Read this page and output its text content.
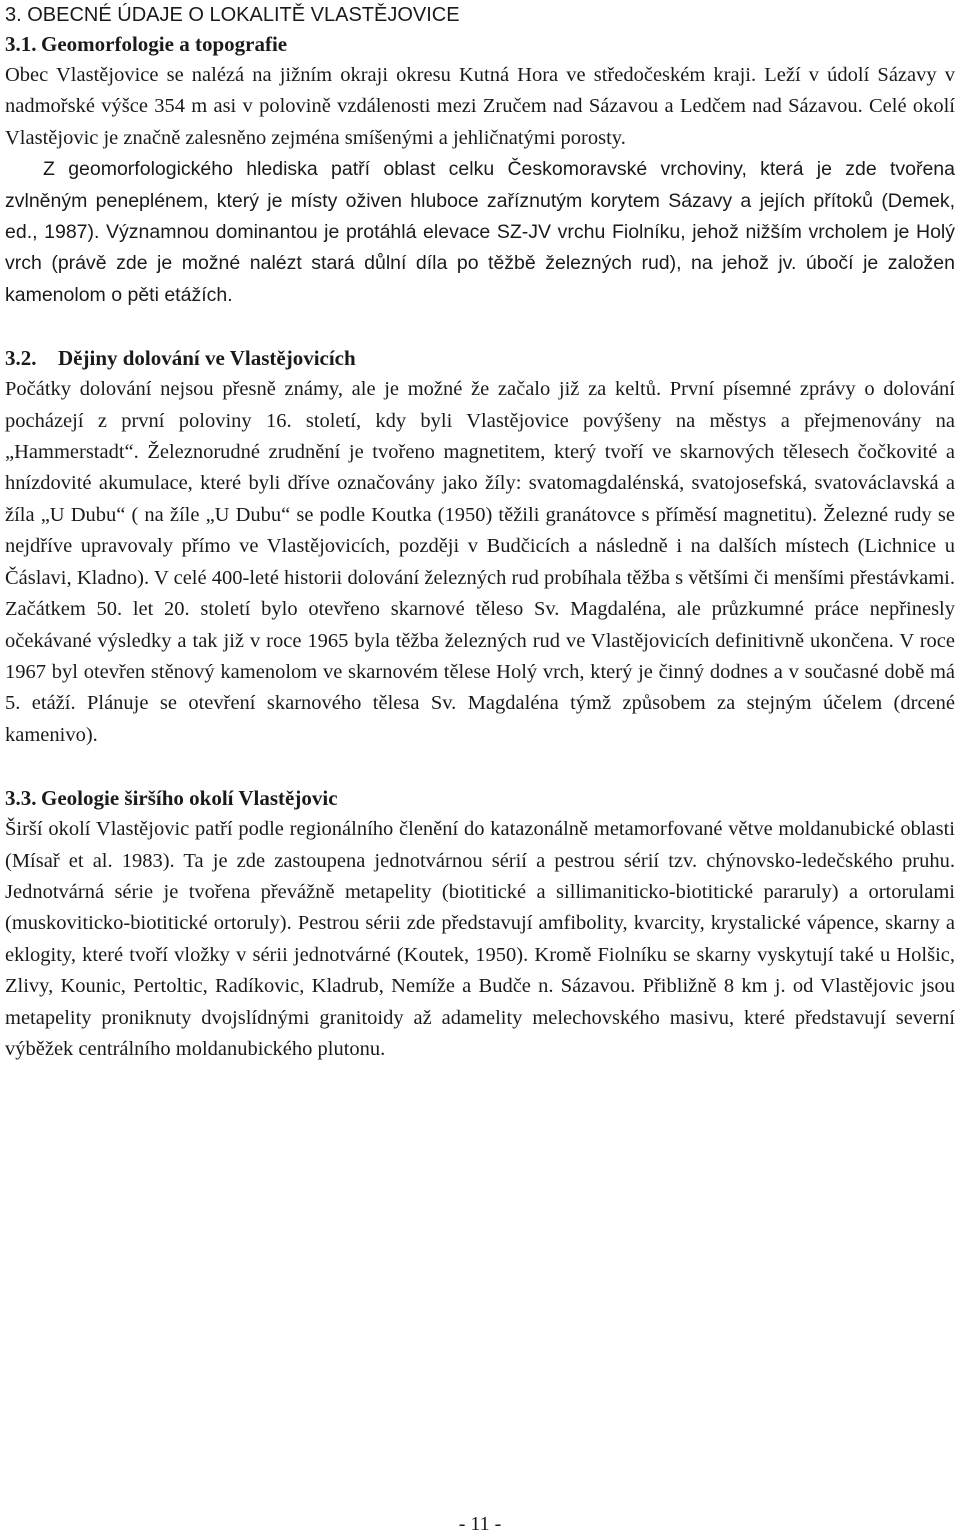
3. OBECNÉ ÚDAJE O LOKALITĚ VLASTĚJOVICE
3.1. Geomorfologie a topografie

Obec Vlastějovice se nalézá na jižním okraji okresu Kutná Hora ve středočeském kraji. Leží v údolí Sázavy v nadmořské výšce 354 m asi v polovině vzdálenosti mezi Zručem nad Sázavou a Ledčem nad Sázavou. Celé okolí Vlastějovic je značně zalesněno zejména smíšenými a jehličnatými porosty.

Z geomorfologického hlediska patří oblast celku Českomoravské vrchoviny, která je zde tvořena zvlněným peneplénem, který je místy oživen hluboce zaříznutým korytem Sázavy a jejích přítoků (Demek, ed., 1987). Významnou dominantou je protáhlá elevace SZ-JV vrchu Fiolníku, jehož nižším vrcholem je Holý vrch (právě zde je možné nalézt stará důlní díla po těžbě železných rud), na jehož jv. úbočí je založen kamenolom o pěti etážích.

3.2. Dějiny dolování ve Vlastějovicích

Počátky dolování nejsou přesně známy, ale je možné že začalo již za keltů. První písemné zprávy o dolování pocházejí z první poloviny 16. století, kdy byli Vlastějovice povýšeny na městys a přejmenovány na „Hammerstadt“. Železnorudné zrudnění je tvořeno magnetitem, který tvoří ve skarnových tělesech čočkovité a hnízdovité akumulace, které byli dříve označovány jako žíly: svatomagdalénská, svatojosefská, svatováclavská a žíla „U Dubu“ ( na žíle „U Dubu“ se podle Koutka (1950) těžili granátovce s příměsí magnetitu). Železné rudy se nejdříve upravovaly přímo ve Vlastějovicích, později v Budčicích a následně i na dalších místech (Lichnice u Čáslavi, Kladno). V celé 400-leté historii dolování železných rud probíhala těžba s většími či menšími přestávkami. Začátkem 50. let 20. století bylo otevřeno skarnové těleso Sv. Magdaléna, ale průzkumné práce nepřinesly očekávané výsledky a tak již v roce 1965 byla těžba železných rud ve Vlastějovicích definitivně ukončena. V roce 1967 byl otevřen stěnový kamenolom ve skarnovém tělese Holý vrch, který je činný dodnes a v současné době má 5. etáží. Plánuje se otevření skarnového tělesa Sv. Magdaléna týmž způsobem za stejným účelem (drcené kamenivo).

3.3. Geologie širšího okolí Vlastějovic

Širší okolí Vlastějovic patří podle regionálního členění do katazonálně metamorfované větve moldanubické oblasti (Mísař et al. 1983). Ta je zde zastoupena jednotvárnou sérií a pestrou sérií tzv. chýnovsko-ledečského pruhu. Jednotvárná série je tvořena převážně metapelity (biotitické a sillimaniticko-biotitické pararuly) a ortorulami (muskoviticko-biotitické ortoruly). Pestrou sérii zde představují amfibolity, kvarcity, krystalické vápence, skarny a eklogity, které tvoří vložky v sérii jednotvárné (Koutek, 1950). Kromě Fiolníku se skarny vyskytují také u Holšic, Zlivy, Kounic, Pertoltic, Radíkovic, Kladrub, Nemíže a Budče n. Sázavou. Přibližně 8 km j. od Vlastějovic jsou metapelity proniknuty dvojslídnými granitoidy až adamelity melechovského masivu, které představují severní výběžek centrálního moldanubického plutonu.

- 11 -
